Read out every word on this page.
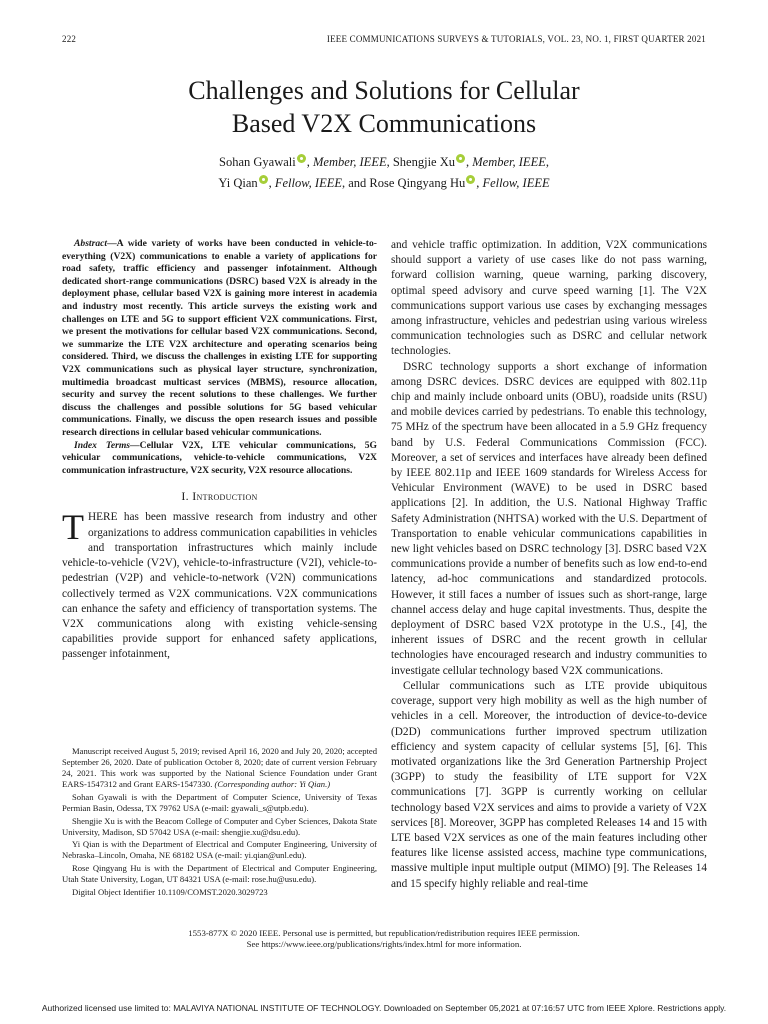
222	IEEE COMMUNICATIONS SURVEYS & TUTORIALS, VOL. 23, NO. 1, FIRST QUARTER 2021
Challenges and Solutions for Cellular
Based V2X Communications
Sohan Gyawali , Member, IEEE, Shengjie Xu , Member, IEEE,
Yi Qian , Fellow, IEEE, and Rose Qingyang Hu , Fellow, IEEE

Abstract—A wide variety of works have been conducted in vehicle-to-everything (V2X) communications to enable a variety of applications for road safety, traffic efficiency and passenger infotainment. Although dedicated short-range communications (DSRC) based V2X is already in the deployment phase, cellular based V2X is gaining more interest in academia and industry most recently. This article surveys the existing work and challenges on LTE and 5G to support efficient V2X communications. First, we present the motivations for cellular based V2X communications. Second, we summarize the LTE V2X architecture and operating scenarios being considered. Third, we discuss the challenges in existing LTE for supporting V2X communications such as physical layer structure, synchronization, multimedia broadcast multicast services (MBMS), resource allocation, security and survey the recent solutions to these challenges. We further discuss the challenges and possible solutions for 5G based vehicular communications. Finally, we discuss the open research issues and possible research directions in cellular based vehicular communications.

Index Terms—Cellular V2X, LTE vehicular communications, 5G vehicular communications, vehicle-to-vehicle communications, V2X communication infrastructure, V2X security, V2X resource allocations.

I. Introduction

THERE has been massive research from industry and other organizations to address communication capabilities in vehicles and transportation infrastructures which mainly include vehicle-to-vehicle (V2V), vehicle-to-infrastructure (V2I), vehicle-to-pedestrian (V2P) and vehicle-to-network (V2N) communications collectively termed as V2X communications. V2X communications can enhance the safety and efficiency of transportation systems. The V2X communications along with existing vehicle-sensing capabilities provide support for enhanced safety applications, passenger infotainment,

Manuscript received August 5, 2019; revised April 16, 2020 and July 20, 2020; accepted September 26, 2020. Date of publication October 8, 2020; date of current version February 24, 2021. This work was supported by the National Science Foundation under Grant EARS-1547312 and Grant EARS-1547330. (Corresponding author: Yi Qian.)

Sohan Gyawali is with the Department of Computer Science, University of Texas Permian Basin, Odessa, TX 79762 USA (e-mail: gyawali_s@utpb.edu).

Shengjie Xu is with the Beacom College of Computer and Cyber Sciences, Dakota State University, Madison, SD 57042 USA (e-mail: shengjie.xu@dsu.edu).

Yi Qian is with the Department of Electrical and Computer Engineering, University of Nebraska–Lincoln, Omaha, NE 68182 USA (e-mail: yi.qian@unl.edu).

Rose Qingyang Hu is with the Department of Electrical and Computer Engineering, Utah State University, Logan, UT 84321 USA (e-mail: rose.hu@usu.edu).

Digital Object Identifier 10.1109/COMST.2020.3029723

and vehicle traffic optimization. In addition, V2X communications should support a variety of use cases like do not pass warning, forward collision warning, queue warning, parking discovery, optimal speed advisory and curve speed warning [1]. The V2X communications support various use cases by exchanging messages among infrastructure, vehicles and pedestrian using various wireless communication technologies such as DSRC and cellular network technologies.

DSRC technology supports a short exchange of information among DSRC devices. DSRC devices are equipped with 802.11p chip and mainly include onboard units (OBU), roadside units (RSU) and mobile devices carried by pedestrians. To enable this technology, 75 MHz of the spectrum have been allocated in a 5.9 GHz frequency band by U.S. Federal Communications Commission (FCC). Moreover, a set of services and interfaces have already been defined by IEEE 802.11p and IEEE 1609 standards for Wireless Access for Vehicular Environment (WAVE) to be used in DSRC based applications [2]. In addition, the U.S. National Highway Traffic Safety Administration (NHTSA) worked with the U.S. Department of Transportation to enable vehicular communications capabilities in new light vehicles based on DSRC technology [3]. DSRC based V2X communications provide a number of benefits such as low end-to-end latency, ad-hoc communications and standardized protocols. However, it still faces a number of issues such as short-range, large channel access delay and huge capital investments. Thus, despite the deployment of DSRC based V2X prototype in the U.S., [4], the inherent issues of DSRC and the recent growth in cellular technologies have encouraged research and industry communities to investigate cellular technology based V2X communications.

Cellular communications such as LTE provide ubiquitous coverage, support very high mobility as well as the high number of vehicles in a cell. Moreover, the introduction of device-to-device (D2D) communications further improved spectrum utilization efficiency and system capacity of cellular systems [5], [6]. This motivated organizations like the 3rd Generation Partnership Project (3GPP) to study the feasibility of LTE support for V2X communications [7]. 3GPP is currently working on cellular technology based V2X services and aims to provide a variety of V2X services [8]. Moreover, 3GPP has completed Releases 14 and 15 with LTE based V2X services as one of the main features including other features like license assisted access, machine type communications, massive multiple input multiple output (MIMO) [9]. The Releases 14 and 15 specify highly reliable and real-time

1553-877X © 2020 IEEE. Personal use is permitted, but republication/redistribution requires IEEE permission.
See https://www.ieee.org/publications/rights/index.html for more information.
Authorized licensed use limited to: MALAVIYA NATIONAL INSTITUTE OF TECHNOLOGY. Downloaded on September 05,2021 at 07:16:57 UTC from IEEE Xplore. Restrictions apply.
